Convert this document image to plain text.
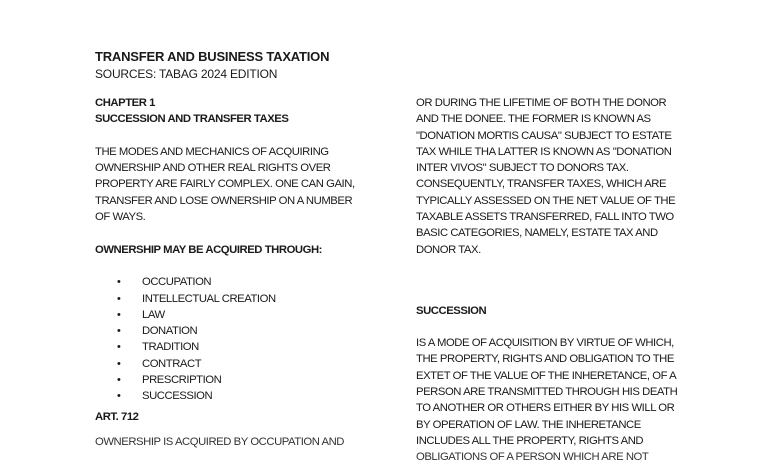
TRANSFER AND BUSINESS TAXATION
SOURCES: TABAG 2024 EDITION
CHAPTER 1
SUCCESSION AND TRANSFER TAXES
THE MODES AND MECHANICS OF ACQUIRING
OWNERSHIP AND OTHER REAL RIGHTS OVER
PROPERTY ARE FAIRLY COMPLEX. ONE CAN GAIN,
TRANSFER AND LOSE OWNERSHIP ON A NUMBER
OF WAYS.
OWNERSHIP MAY BE ACQUIRED THROUGH:
• OCCUPATION
• INTELLECTUAL CREATION
• LAW
• DONATION
• TRADITION
• CONTRACT
• PRESCRIPTION
• SUCCESSION
ART. 712
OWNERSHIP IS ACQUIRED BY OCCUPATION AND
OR DURING THE LIFETIME OF BOTH THE DONOR
AND THE DONEE. THE FORMER IS KNOWN AS
"DONATION MORTIS CAUSA" SUBJECT TO ESTATE
TAX WHILE THA LATTER IS KNOWN AS "DONATION
INTER VIVOS" SUBJECT TO DONORS TAX.
CONSEQUENTLY, TRANSFER TAXES, WHICH ARE
TYPICALLY ASSESSED ON THE NET VALUE OF THE
TAXABLE ASSETS TRANSFERRED, FALL INTO TWO
BASIC CATEGORIES, NAMELY, ESTATE TAX AND
DONOR TAX.
SUCCESSION
IS A MODE OF ACQUISITION BY VIRTUE OF WHICH,
THE PROPERTY, RIGHTS AND OBLIGATION TO THE
EXTET OF THE VALUE OF THE INHERETANCE, OF A
PERSON ARE TRANSMITTED THROUGH HIS DEATH
TO ANOTHER OR OTHERS EITHER BY HIS WILL OR
BY OPERATION OF LAW. THE INHERETANCE
INCLUDES ALL THE PROPERTY, RIGHTS AND
OBLIGATIONS OF A PERSON WHICH ARE NOT
